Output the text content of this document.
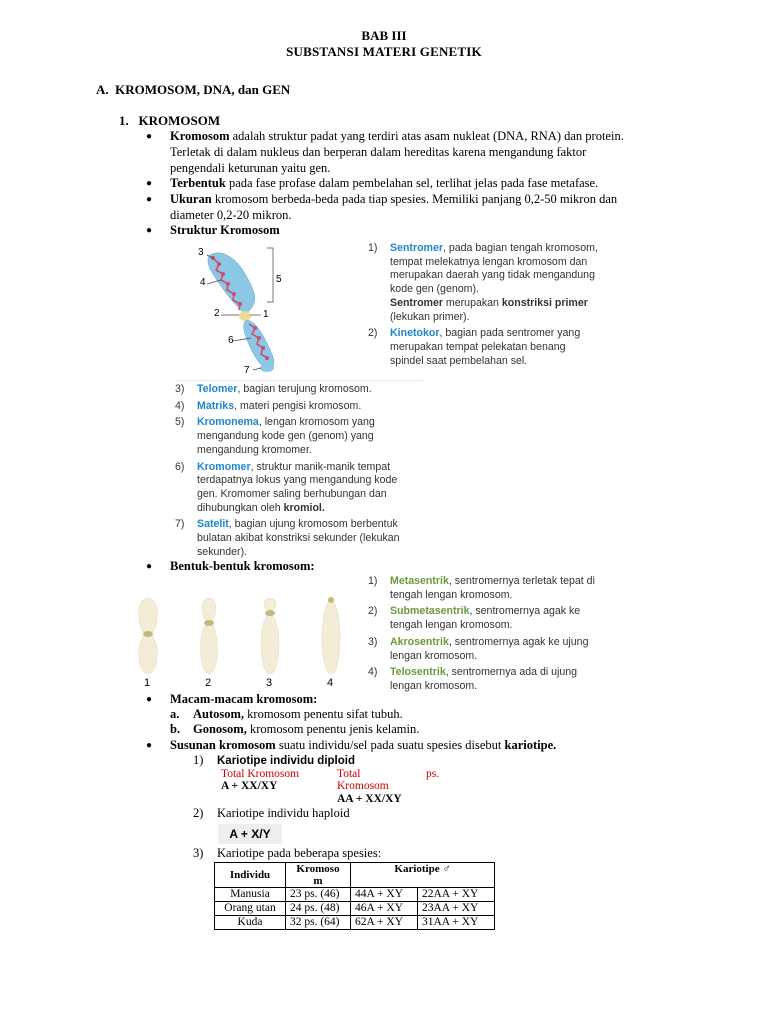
BAB III
SUBSTANSI MATERI GENETIK
A.  KROMOSOM, DNA, dan GEN
1.   KROMOSOM
● Kromosom adalah struktur padat yang terdiri atas asam nukleat (DNA, RNA) dan protein.
Terletak di dalam nukleus dan berperan dalam hereditas karena mengandung faktor
pengendali keturunan yaitu gen.
● Terbentuk pada fase profase dalam pembelahan sel, terlihat jelas pada fase metafase.
● Ukuran kromosom berbeda-beda pada tiap spesies. Memiliki panjang 0,2-50 mikron dan
diameter 0,2-20 mikron.
● Struktur Kromosom
3
4	5
2	1
6
7
1) Sentromer, pada bagian tengah kromosom,
tempat melekatnya lengan kromosom dan
merupakan daerah yang tidak mengandung
kode gen (genom).
Sentromer merupakan konstriksi primer
(lekukan primer).
2) Kinetokor, bagian pada sentromer yang
merupakan tempat pelekatan benang
spindel saat pembelahan sel.
3) Telomer, bagian terujung kromosom.
4) Matriks, materi pengisi kromosom.
5) Kromonema, lengan kromosom yang
mengandung kode gen (genom) yang
mengandung kromomer.
6) Kromomer, struktur manik-manik tempat
terdapatnya lokus yang mengandung kode
gen. Kromomer saling berhubungan dan
dihubungkan oleh kromiol.
7) Satelit, bagian ujung kromosom berbentuk
bulatan akibat konstriksi sekunder (lekukan
sekunder).
● Bentuk-bentuk kromosom:
1	2	3	4
1) Metasentrik, sentromernya terletak tepat di
tengah lengan kromosom.
2) Submetasentrik, sentromernya agak ke
tengah lengan kromosom.
3) Akrosentrik, sentromernya agak ke ujung
lengan kromosom.
4) Telosentrik, sentromernya ada di ujung
lengan kromosom.
● Macam-macam kromosom:
a. Autosom, kromosom penentu sifat tubuh.
b. Gonosom, kromosom penentu jenis kelamin.
● Susunan kromosom suatu individu/sel pada suatu spesies disebut kariotipe.
1) Kariotipe individu diploid
Total Kromosom	Total	ps.
A + XX/XY	Kromosom
AA + XX/XY
2) Kariotipe individu haploid
A + X/Y
3) Kariotipe pada beberapa spesies:
Individu	Kromoso
m	Kariotipe ♂	
Manusia	23 ps. (46)	44A + XY	22AA + XY
Orang utan	24 ps. (48)	46A + XY	23AA + XY
Kuda	32 ps. (64)	62A + XY	31AA + XY
